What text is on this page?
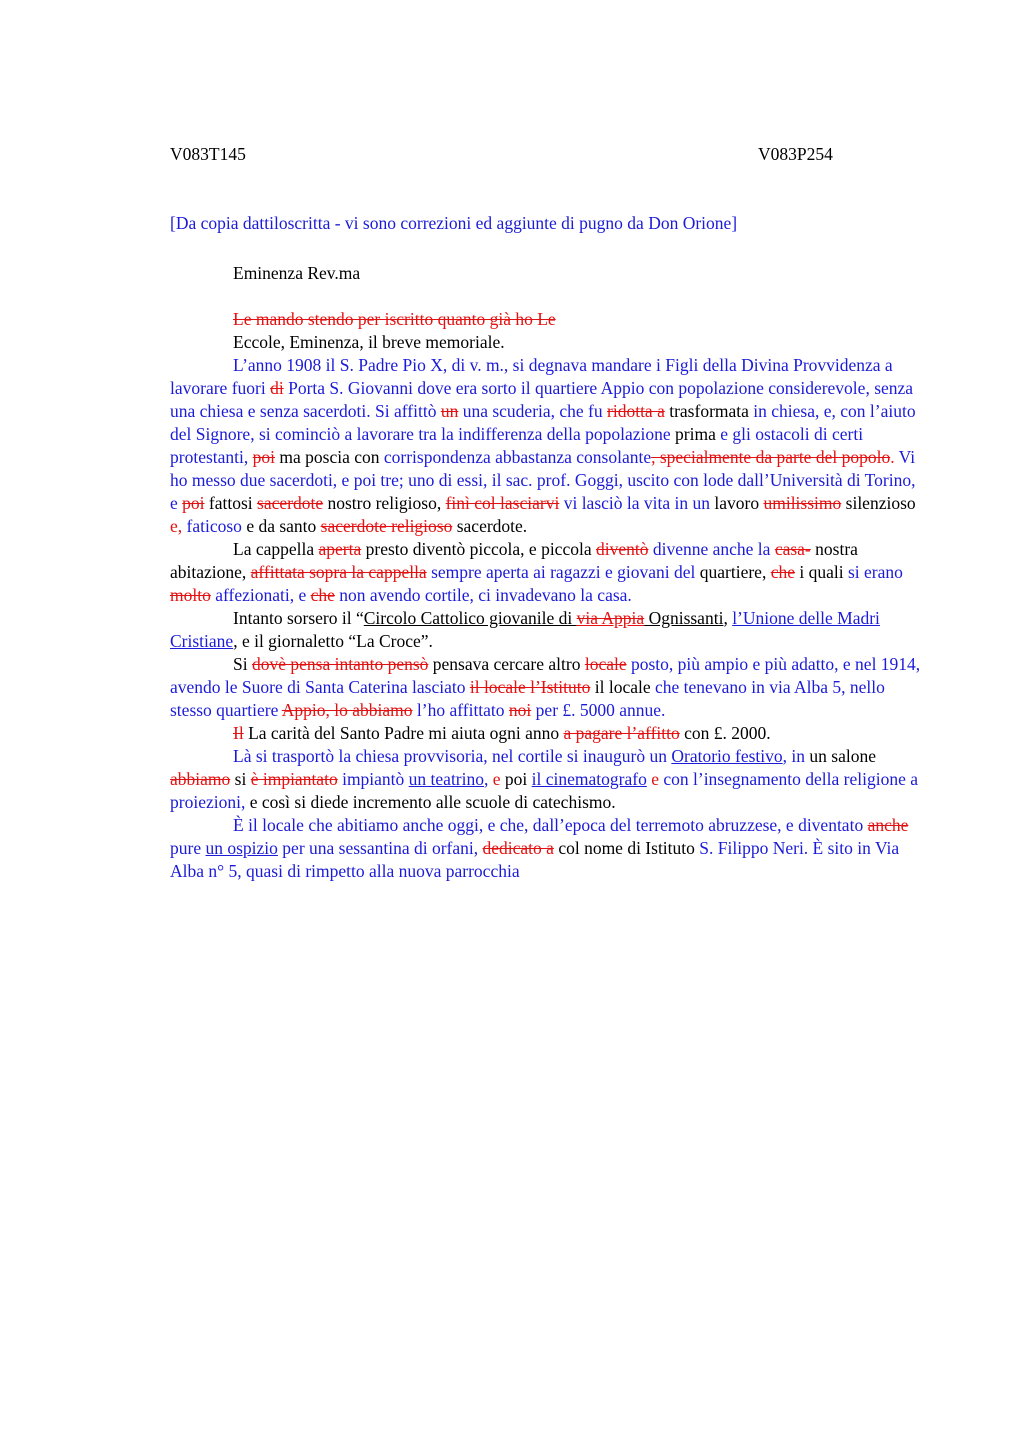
V083T145	V083P254
[Da copia dattiloscritta - vi sono correzioni ed aggiunte di pugno da Don Orione]
Eminenza Rev.ma
Le mando stendo per iscritto quanto già ho Le
Eccole, Eminenza, il breve memoriale.
L’anno 1908 il S. Padre Pio X, di v. m., si degnava mandare i Figli della Divina Provvidenza a lavorare fuori di Porta S. Giovanni dove era sorto il quartiere Appio con popolazione considerevole, senza una chiesa e senza sacerdoti. Si affittò un una scuderia, che fu ridotta a trasformata in chiesa, e, con l’aiuto del Signore, si cominciò a lavorare tra la indifferenza della popolazione prima e gli ostacoli di certi protestanti, poi ma poscia con corrispondenza abbastanza consolante, specialmente da parte del popolo. Vi ho messo due sacerdoti, e poi tre; uno di essi, il sac. prof. Goggi, uscito con lode dall’Università di Torino, e poi fattosi sacerdote nostro religioso, finì col lasciarvi vi lasciò la vita in un lavoro umilissimo silenzioso e, faticoso e da santo sacerdote religioso sacerdote.
La cappella aperta presto diventò piccola, e piccola diventò divenne anche la casa- nostra abitazione, affittata sopra la cappella sempre aperta ai ragazzi e giovani del quartiere, che i quali si erano molto affezionati, e che non avendo cortile, ci invadevano la casa.
Intanto sorsero il “Circolo Cattolico giovanile di via Appia Ognissanti, l’Unione delle Madri Cristiane, e il giornaletto “La Croce”.
Si dovè pensa intanto pensò pensava cercare altro locale posto, più ampio e più adatto, e nel 1914, avendo le Suore di Santa Caterina lasciato il locale l’Istituto il locale che tenevano in via Alba 5, nello stesso quartiere Appio, lo abbiamo l’ho affittato noi per £. 5000 annue.
Il La carità del Santo Padre mi aiuta ogni anno a pagare l’affitto con £. 2000.
Là si trasportò la chiesa provvisoria, nel cortile si inaugurò un Oratorio festivo, in un salone abbiamo si è impiantato impiantò un teatrino, e poi il cinematografo e con l’insegnamento della religione a proiezioni, e così si diede incremento alle scuole di catechismo.
È il locale che abitiamo anche oggi, e che, dall’epoca del terremoto abruzzese, e diventato anche pure un ospizio per una sessantina di orfani, dedicato a col nome di Istituto S. Filippo Neri. È sito in Via Alba n° 5, quasi di rimpetto alla nuova parrocchia
